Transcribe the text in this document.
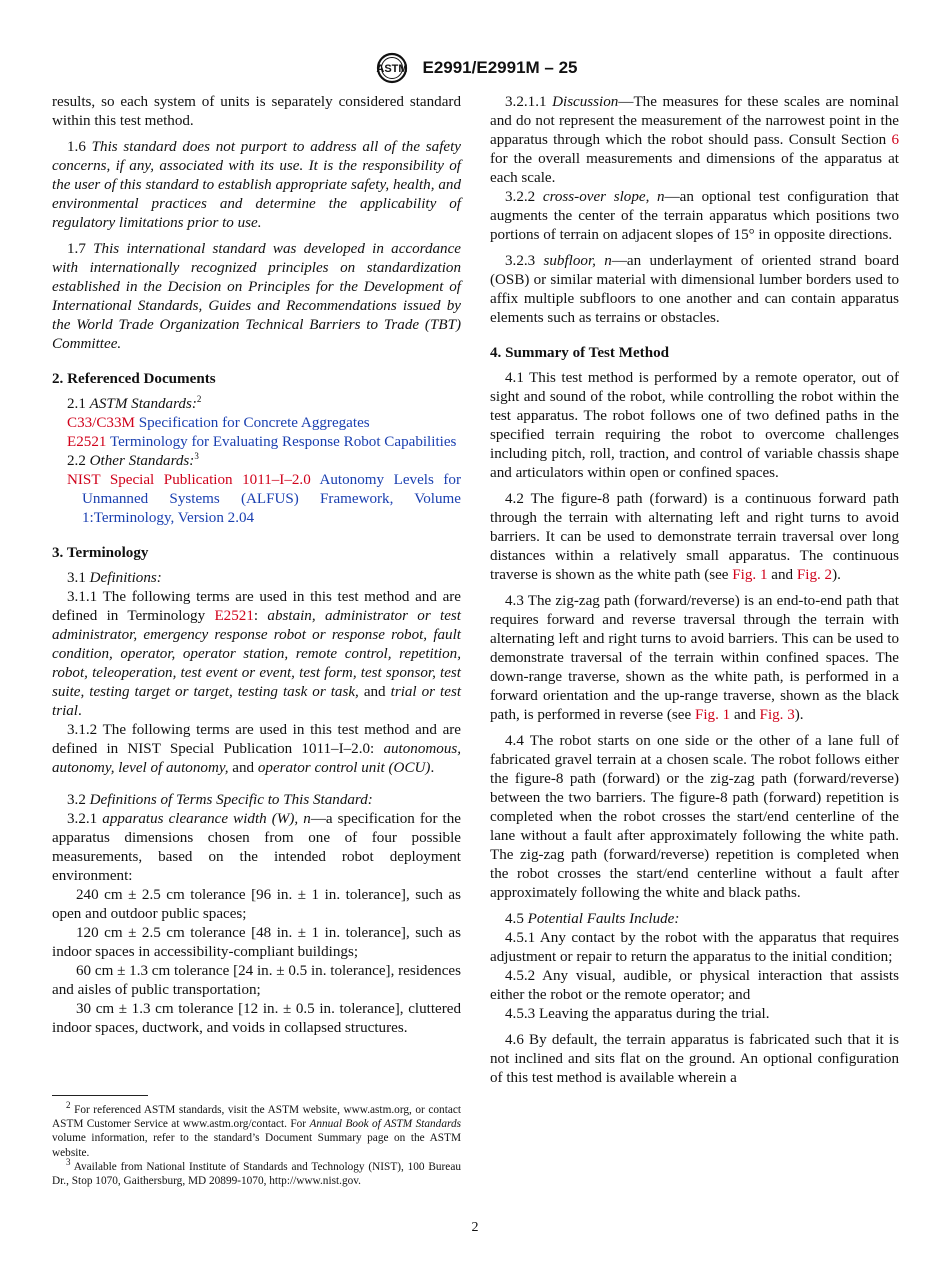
ASTM E2991/E2991M – 25

results, so each system of units is separately considered standard within this test method.

1.6 This standard does not purport to address all of the safety concerns, if any, associated with its use. It is the responsibility of the user of this standard to establish appropriate safety, health, and environmental practices and determine the applicability of regulatory limitations prior to use.

1.7 This international standard was developed in accordance with internationally recognized principles on standardization established in the Decision on Principles for the Development of International Standards, Guides and Recommendations issued by the World Trade Organization Technical Barriers to Trade (TBT) Committee.

2. Referenced Documents

2.1 ASTM Standards:$^2$

C33/C33M Specification for Concrete Aggregates

E2521 Terminology for Evaluating Response Robot Capabilities

2.2 Other Standards:$^3$

NIST Special Publication 1011–I–2.0 Autonomy Levels for Unmanned Systems (ALFUS) Framework, Volume 1:Terminology, Version 2.04

3. Terminology

3.1 Definitions:

3.1.1 The following terms are used in this test method and are defined in Terminology E2521: abstain, administrator or test administrator, emergency response robot or response robot, fault condition, operator, operator station, remote control, repetition, robot, teleoperation, test event or event, test form, test sponsor, test suite, testing target or target, testing task or task, and trial or test trial.

3.1.2 The following terms are used in this test method and are defined in NIST Special Publication 1011–I–2.0: autonomous, autonomy, level of autonomy, and operator control unit (OCU).

3.2 Definitions of Terms Specific to This Standard:

3.2.1 apparatus clearance width (W), n—a specification for the apparatus dimensions chosen from one of four possible measurements, based on the intended robot deployment environment:

240 cm ± 2.5 cm tolerance [96 in. ± 1 in. tolerance], such as open and outdoor public spaces;

120 cm ± 2.5 cm tolerance [48 in. ± 1 in. tolerance], such as indoor spaces in accessibility-compliant buildings;

60 cm ± 1.3 cm tolerance [24 in. ± 0.5 in. tolerance], residences and aisles of public transportation;

30 cm ± 1.3 cm tolerance [12 in. ± 0.5 in. tolerance], cluttered indoor spaces, ductwork, and voids in collapsed structures.

$^2$ For referenced ASTM standards, visit the ASTM website, www.astm.org, or contact ASTM Customer Service at www.astm.org/contact. For Annual Book of ASTM Standards volume information, refer to the standard’s Document Summary page on the ASTM website.

$^3$ Available from National Institute of Standards and Technology (NIST), 100 Bureau Dr., Stop 1070, Gaithersburg, MD 20899-1070, http://www.nist.gov.

3.2.1.1 Discussion—The measures for these scales are nominal and do not represent the measurement of the narrowest point in the apparatus through which the robot should pass. Consult Section 6 for the overall measurements and dimensions of the apparatus at each scale.

3.2.2 cross-over slope, n—an optional test configuration that augments the center of the terrain apparatus which positions two portions of terrain on adjacent slopes of 15° in opposite directions.

3.2.3 subfloor, n—an underlayment of oriented strand board (OSB) or similar material with dimensional lumber borders used to affix multiple subfloors to one another and can contain apparatus elements such as terrains or obstacles.

4. Summary of Test Method

4.1 This test method is performed by a remote operator, out of sight and sound of the robot, while controlling the robot within the test apparatus. The robot follows one of two defined paths in the specified terrain requiring the robot to overcome challenges including pitch, roll, traction, and control of variable chassis shape and articulators within open or confined spaces.

4.2 The figure-8 path (forward) is a continuous forward path through the terrain with alternating left and right turns to avoid barriers. It can be used to demonstrate terrain traversal over long distances within a relatively small apparatus. The continuous traverse is shown as the white path (see Fig. 1 and Fig. 2).

4.3 The zig-zag path (forward/reverse) is an end-to-end path that requires forward and reverse traversal through the terrain with alternating left and right turns to avoid barriers. This can be used to demonstrate traversal of the terrain within confined spaces. The down-range traverse, shown as the white path, is performed in a forward orientation and the up-range traverse, shown as the black path, is performed in reverse (see Fig. 1 and Fig. 3).

4.4 The robot starts on one side or the other of a lane full of fabricated gravel terrain at a chosen scale. The robot follows either the figure-8 path (forward) or the zig-zag path (forward/reverse) between the two barriers. The figure-8 path (forward) repetition is completed when the robot crosses the start/end centerline of the lane without a fault after approximately following the white path. The zig-zag path (forward/reverse) repetition is completed when the robot crosses the start/end centerline without a fault after approximately following the white and black paths.

4.5 Potential Faults Include:

4.5.1 Any contact by the robot with the apparatus that requires adjustment or repair to return the apparatus to the initial condition;

4.5.2 Any visual, audible, or physical interaction that assists either the robot or the remote operator; and

4.5.3 Leaving the apparatus during the trial.

4.6 By default, the terrain apparatus is fabricated such that it is not inclined and sits flat on the ground. An optional configuration of this test method is available wherein a

2
